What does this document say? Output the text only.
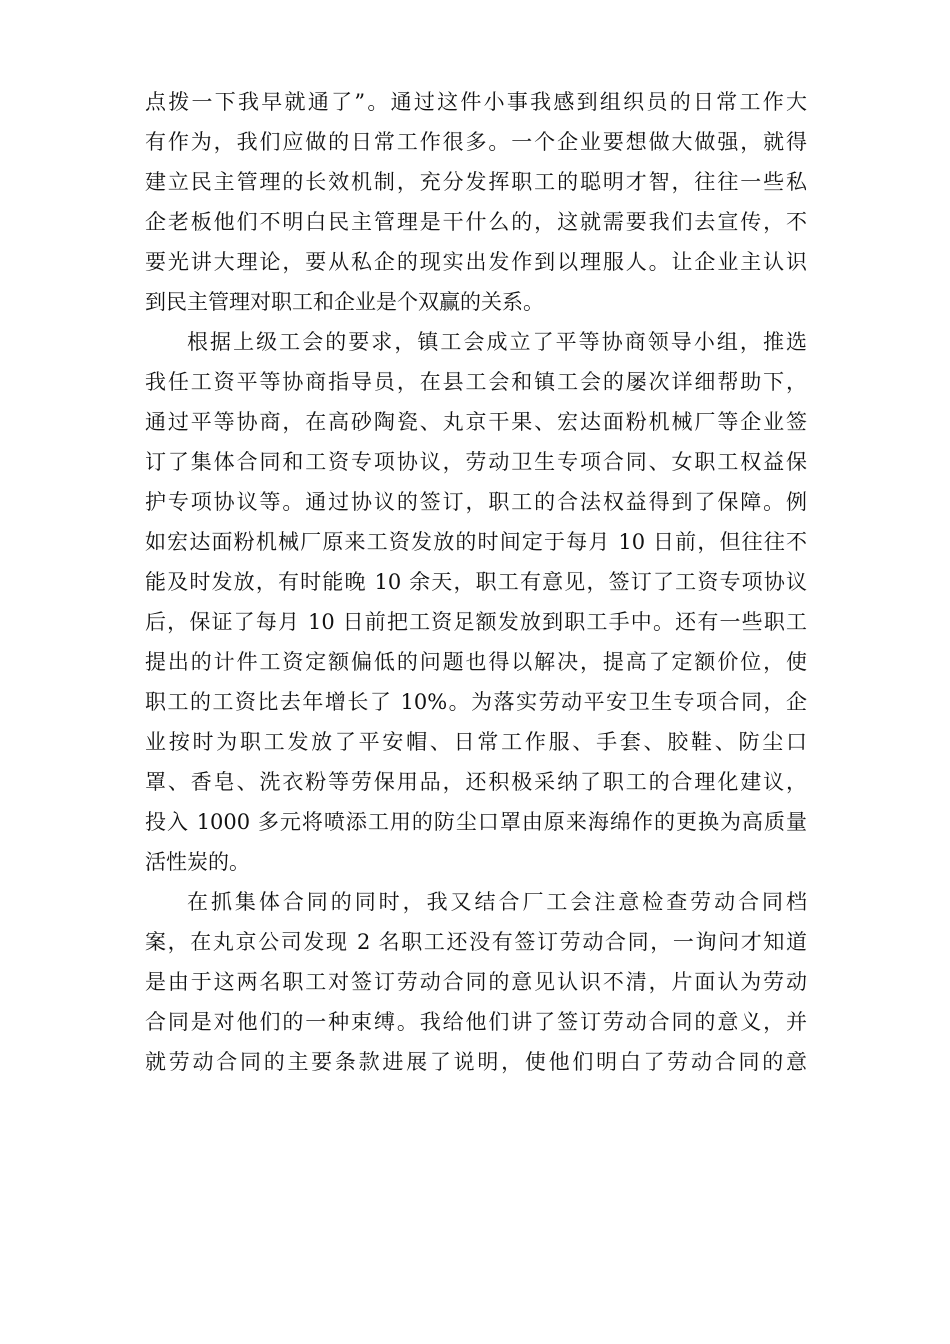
点拨一下我早就通了”。通过这件小事我感到组织员的日常工作大
有作为，我们应做的日常工作很多。一个企业要想做大做强，就得
建立民主管理的长效机制，充分发挥职工的聪明才智，往往一些私
企老板他们不明白民主管理是干什么的，这就需要我们去宣传，不
要光讲大理论，要从私企的现实出发作到以理服人。让企业主认识
到民主管理对职工和企业是个双赢的关系。
根据上级工会的要求，镇工会成立了平等协商领导小组，推选
我任工资平等协商指导员，在县工会和镇工会的屡次详细帮助下，
通过平等协商，在高砂陶瓷、丸京干果、宏达面粉机械厂等企业签
订了集体合同和工资专项协议，劳动卫生专项合同、女职工权益保
护专项协议等。通过协议的签订，职工的合法权益得到了保障。例
如宏达面粉机械厂原来工资发放的时间定于每月 10 日前，但往往不
能及时发放，有时能晚 10 余天，职工有意见，签订了工资专项协议
后，保证了每月 10 日前把工资足额发放到职工手中。还有一些职工
提出的计件工资定额偏低的问题也得以解决，提高了定额价位，使
职工的工资比去年增长了 10%。为落实劳动平安卫生专项合同，企
业按时为职工发放了平安帽、日常工作服、手套、胶鞋、防尘口
罩、香皂、洗衣粉等劳保用品，还积极采纳了职工的合理化建议，
投入 1000 多元将喷添工用的防尘口罩由原来海绵作的更换为高质量
活性炭的。
在抓集体合同的同时，我又结合厂工会注意检查劳动合同档
案，在丸京公司发现 2 名职工还没有签订劳动合同，一询问才知道
是由于这两名职工对签订劳动合同的意见认识不清，片面认为劳动
合同是对他们的一种束缚。我给他们讲了签订劳动合同的意义，并
就劳动合同的主要条款进展了说明，使他们明白了劳动合同的意
